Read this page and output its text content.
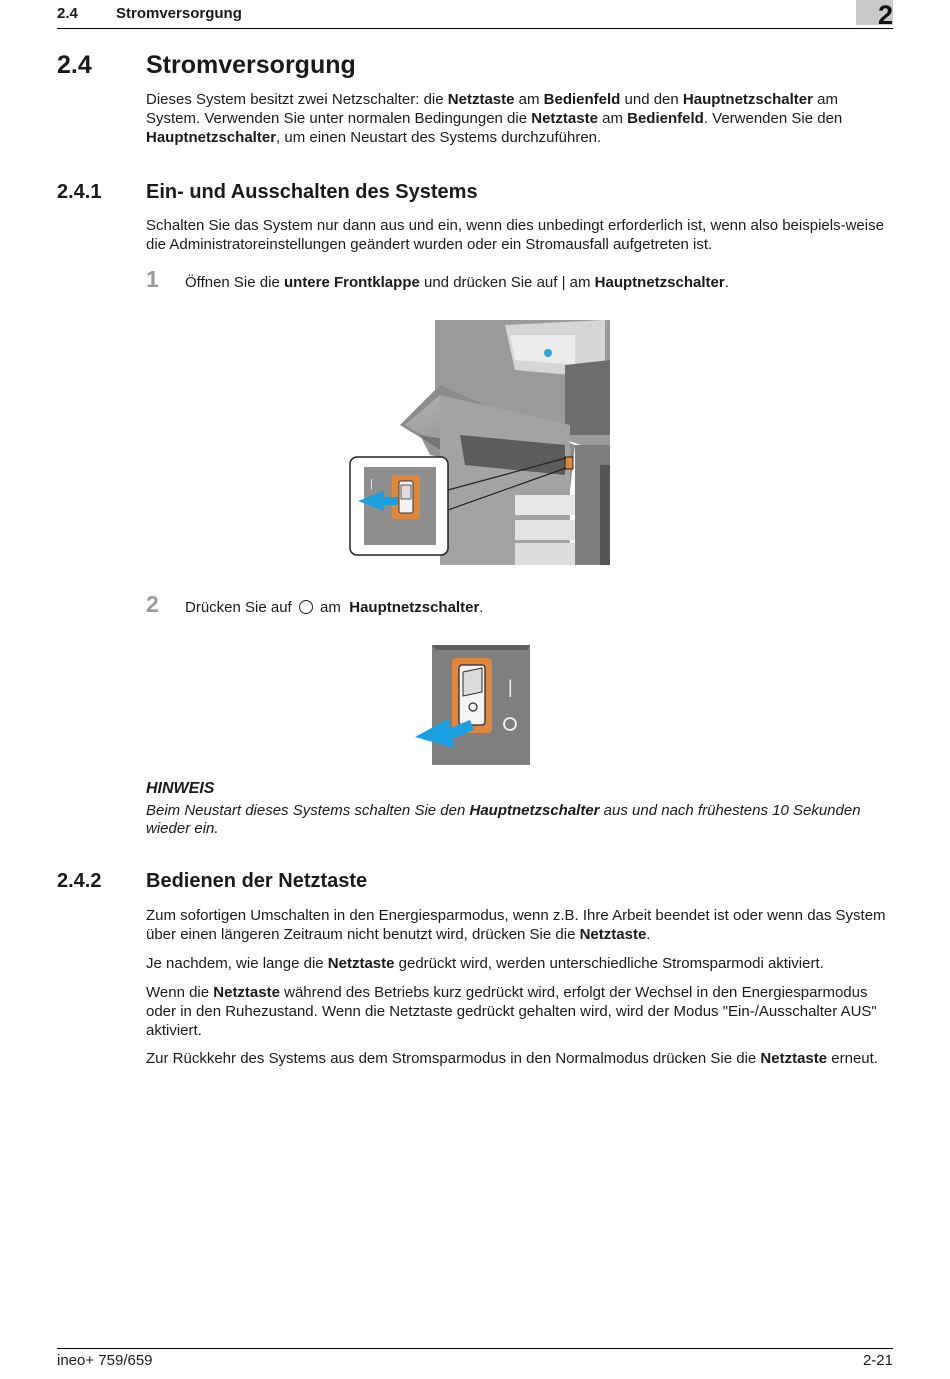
2.4	Stromversorgung	2
2.4 Stromversorgung
Dieses System besitzt zwei Netzschalter: die Netztaste am Bedienfeld und den Hauptnetzschalter am System. Verwenden Sie unter normalen Bedingungen die Netztaste am Bedienfeld. Verwenden Sie den Hauptnetzschalter, um einen Neustart des Systems durchzuführen.
2.4.1 Ein- und Ausschalten des Systems
Schalten Sie das System nur dann aus und ein, wenn dies unbedingt erforderlich ist, wenn also beispiels-weise die Administratoreinstellungen geändert wurden oder ein Stromausfall aufgetreten ist.
1 Öffnen Sie die untere Frontklappe und drücken Sie auf | am Hauptnetzschalter.
|
2 Drücken Sie auf  am  Hauptnetzschalter.
|
HINWEIS
Beim Neustart dieses Systems schalten Sie den Hauptnetzschalter aus und nach frühestens 10 Sekunden wieder ein.
2.4.2 Bedienen der Netztaste
Zum sofortigen Umschalten in den Energiesparmodus, wenn z.B. Ihre Arbeit beendet ist oder wenn das System über einen längeren Zeitraum nicht benutzt wird, drücken Sie die Netztaste.
Je nachdem, wie lange die Netztaste gedrückt wird, werden unterschiedliche Stromsparmodi aktiviert.
Wenn die Netztaste während des Betriebs kurz gedrückt wird, erfolgt der Wechsel in den Energiesparmodus oder in den Ruhezustand. Wenn die Netztaste gedrückt gehalten wird, wird der Modus "Ein-/Ausschalter AUS" aktiviert.
Zur Rückkehr des Systems aus dem Stromsparmodus in den Normalmodus drücken Sie die Netztaste erneut.
ineo+ 759/659	2-21
